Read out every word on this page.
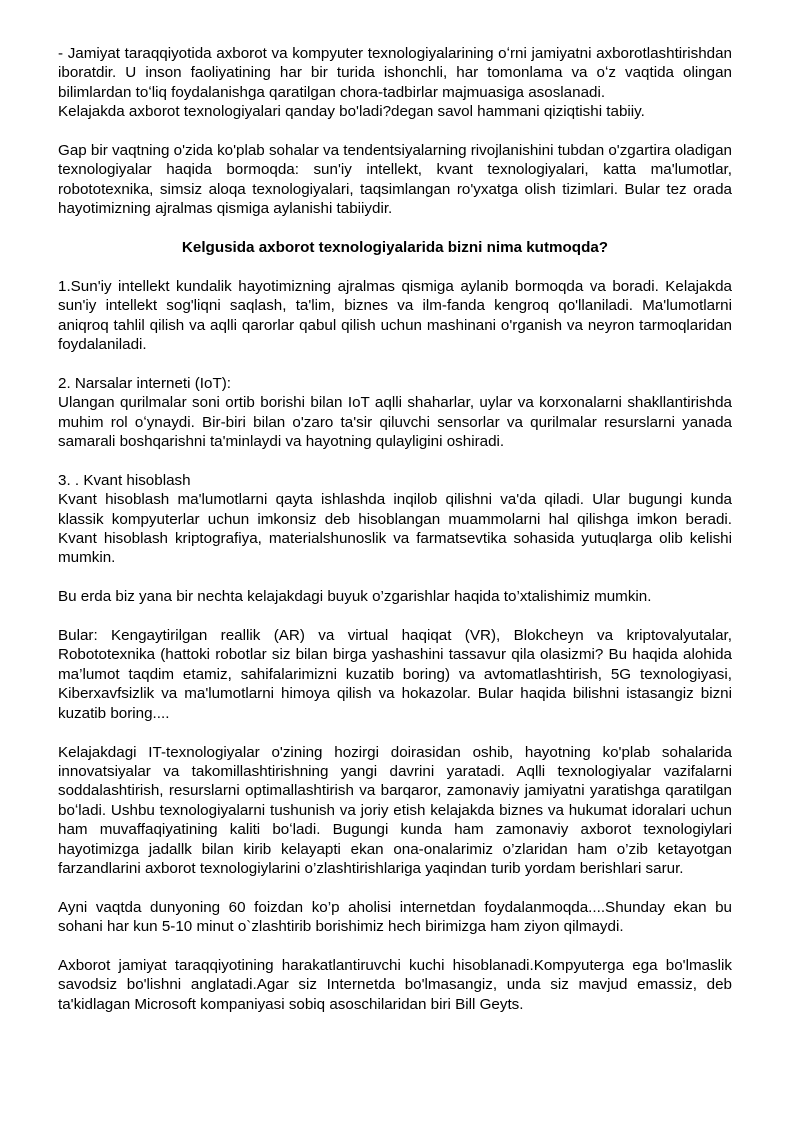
- Jamiyat taraqqiyotida axborot va kompyuter texnologiyalarining oʻrni jamiyatni axborotlashtirishdan iboratdir. U inson faoliyatining har bir turida ishonchli, har tomonlama va oʻz vaqtida olingan bilimlardan toʻliq foydalanishga qaratilgan chora-tadbirlar majmuasiga asoslanadi.

Kelajakda axborot texnologiyalari qanday bo'ladi?degan savol hammani qiziqtishi tabiiy.

Gap bir vaqtning o'zida ko'plab sohalar va tendentsiyalarning rivojlanishini tubdan o'zgartira oladigan texnologiyalar haqida bormoqda: sun'iy intellekt, kvant texnologiyalari, katta ma'lumotlar, robototexnika, simsiz aloqa texnologiyalari, taqsimlangan ro'yxatga olish tizimlari. Bular tez orada hayotimizning ajralmas qismiga aylanishi tabiiydir.

Kelgusida axborot texnologiyalarida bizni nima kutmoqda?

1.Sun'iy intellekt kundalik hayotimizning ajralmas qismiga aylanib bormoqda va boradi. Kelajakda sun'iy intellekt sog'liqni saqlash, ta'lim, biznes va ilm-fanda kengroq qo'llaniladi. Ma'lumotlarni aniqroq tahlil qilish va aqlli qarorlar qabul qilish uchun mashinani o'rganish va neyron tarmoqlaridan foydalaniladi.

2. Narsalar interneti (IoT):

Ulangan qurilmalar soni ortib borishi bilan IoT aqlli shaharlar, uylar va korxonalarni shakllantirishda muhim rol oʻynaydi. Bir-biri bilan o'zaro ta'sir qiluvchi sensorlar va qurilmalar resurslarni yanada samarali boshqarishni ta'minlaydi va hayotning qulayligini oshiradi.

3. . Kvant hisoblash

Kvant hisoblash ma'lumotlarni qayta ishlashda inqilob qilishni va'da qiladi. Ular bugungi kunda klassik kompyuterlar uchun imkonsiz deb hisoblangan muammolarni hal qilishga imkon beradi. Kvant hisoblash kriptografiya, materialshunoslik va farmatsevtika sohasida yutuqlarga olib kelishi mumkin.

Bu erda biz yana bir nechta kelajakdagi buyuk o’zgarishlar haqida to’xtalishimiz mumkin.

Bular: Kengaytirilgan reallik (AR) va virtual haqiqat (VR), Blokcheyn va kriptovalyutalar, Robototexnika (hattoki robotlar siz bilan birga yashashini tassavur qila olasizmi? Bu haqida alohida ma’lumot taqdim etamiz, sahifalarimizni kuzatib boring) va avtomatlashtirish, 5G texnologiyasi, Kiberxavfsizlik va ma'lumotlarni himoya qilish va hokazolar. Bular haqida bilishni istasangiz bizni kuzatib boring....

Kelajakdagi IT-texnologiyalar o'zining hozirgi doirasidan oshib, hayotning ko'plab sohalarida innovatsiyalar va takomillashtirishning yangi davrini yaratadi. Aqlli texnologiyalar vazifalarni soddalashtirish, resurslarni optimallashtirish va barqaror, zamonaviy jamiyatni yaratishga qaratilgan boʻladi. Ushbu texnologiyalarni tushunish va joriy etish kelajakda biznes va hukumat idoralari uchun ham muvaffaqiyatining kaliti boʻladi. Bugungi kunda ham zamonaviy axborot texnologiylari hayotimizga jadallk bilan kirib kelayapti ekan ona-onalarimiz o’zlaridan ham o’zib ketayotgan farzandlarini axborot texnologiylarini o’zlashtirishlariga yaqindan turib yordam berishlari sarur.

Ayni vaqtda dunyoning 60 foizdan ko’p aholisi internetdan foydalanmoqda....Shunday ekan bu sohani har kun 5-10 minut o`zlashtirib borishimiz hech birimizga ham ziyon qilmaydi.

Axborot jamiyat taraqqiyotining harakatlantiruvchi kuchi hisoblanadi.Kompyuterga ega bo'lmaslik savodsiz bo'lishni anglatadi.Agar siz Internetda bo'lmasangiz, unda siz mavjud emassiz, deb ta'kidlagan Microsoft kompaniyasi sobiq asoschilaridan biri Bill Geyts.
